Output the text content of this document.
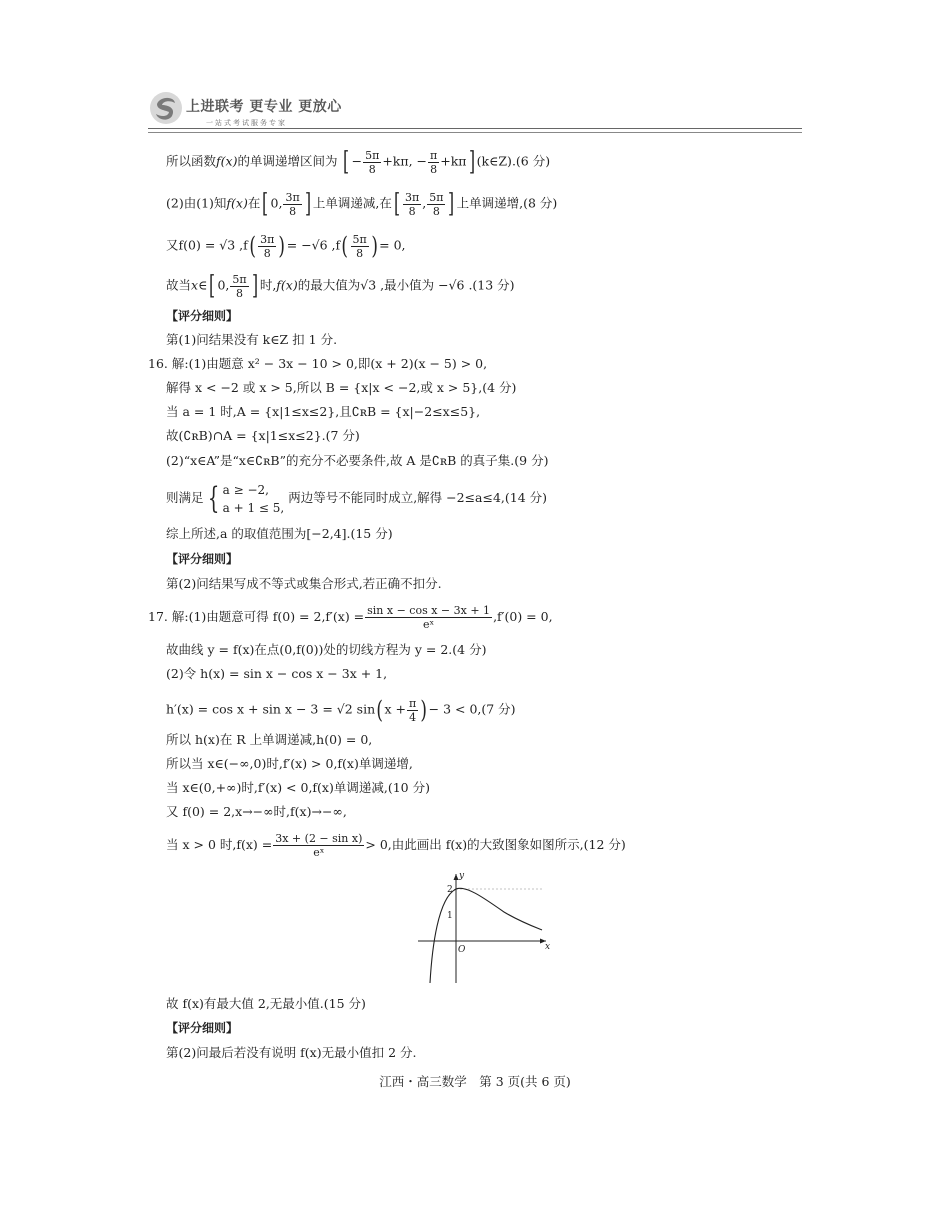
上进联考 更专业 更放心
一站式考试服务专家
所以函数f(x)的单调递增区间为 [ − $\frac{5\pi}{8} +k\pi$, − $\frac{\pi}{8} +k\pi$] (k∈Z).(6 分)
(2)由(1)知f(x)在[ 0, $\frac{3\pi}{8}$ ] 上单调递减,在[ $\frac{3\pi}{8}$ , $\frac{5\pi}{8}$ ] 上单调递增,(8 分)
又f(0) = √3 $,f( \frac{3\pi}{8}$ )= −√6 $,f( \frac{5\pi}{8}$ )= 0,
故当x∈[ 0, $\frac{5\pi}{8}$ ] 时,f(x)的最大值为√3 ,最小值为 −√6 .(13 分)
【评分细则】
第(1)问结果没有 k∈Z 扣 1 分.
16. 解:(1)由题意 x² − 3x − 10 > 0,即(x + 2)(x − 5) > 0,
解得 x < −2 或 x > 5,所以 B = {x|x < −2,或 x > 5},(4 分)
当 a = 1 时,A = {x|1≤x≤2},且∁ʀB = {x|−2≤x≤5},
故(∁ʀB)∩A = {x|1≤x≤2}.(7 分)
(2)“x∈A”是“x∈∁ʀB”的充分不必要条件,故 A 是∁ʀB 的真子集.(9 分)
则满足 { a ≥ −2,
a + 1 ≤ 5,
两边等号不能同时成立,解得 −2≤a≤4,(14 分)
综上所述,a 的取值范围为[−2,4].(15 分)
【评分细则】
第(2)问结果写成不等式或集合形式,若正确不扣分.
17. 解:(1)由题意可得 $f(0) = 2,f'(x) = \frac{\text{sin x − cos x − 3x + 1}}{\text{eˣ}} ,f'(0) = 0$,
故曲线 y = f(x)在点(0,f(0))处的切线方程为 y = 2.(4 分)
(2)令 h(x) = sin x − cos x − 3x + 1,
h′(x) = cos x + sin x − 3 = √2 $\sin(x + \frac{\pi}{4}$ )− 3 < 0,(7 分)
所以 h(x)在 R 上单调递减,h(0) = 0,
所以当 x∈(−∞,0)时,f′(x) > 0,f(x)单调递增,
当 x∈(0,+∞)时,f′(x) < 0,f(x)单调递减,(10 分)
又 f(0) = 2,x→−∞时,f(x)→−∞,
当 x > 0 时$,f(x) = \frac{\text{3x + (2 − sin x)}}{\text{eˣ}} > 0$,由此画出 f(x)的大致图象如图所示,(12 分)
x
y
O
2
1
故 f(x)有最大值 2,无最小值.(15 分)
【评分细则】
第(2)问最后若没有说明 f(x)无最小值扣 2 分.
江西・高三数学　第 3 页(共 6 页)
